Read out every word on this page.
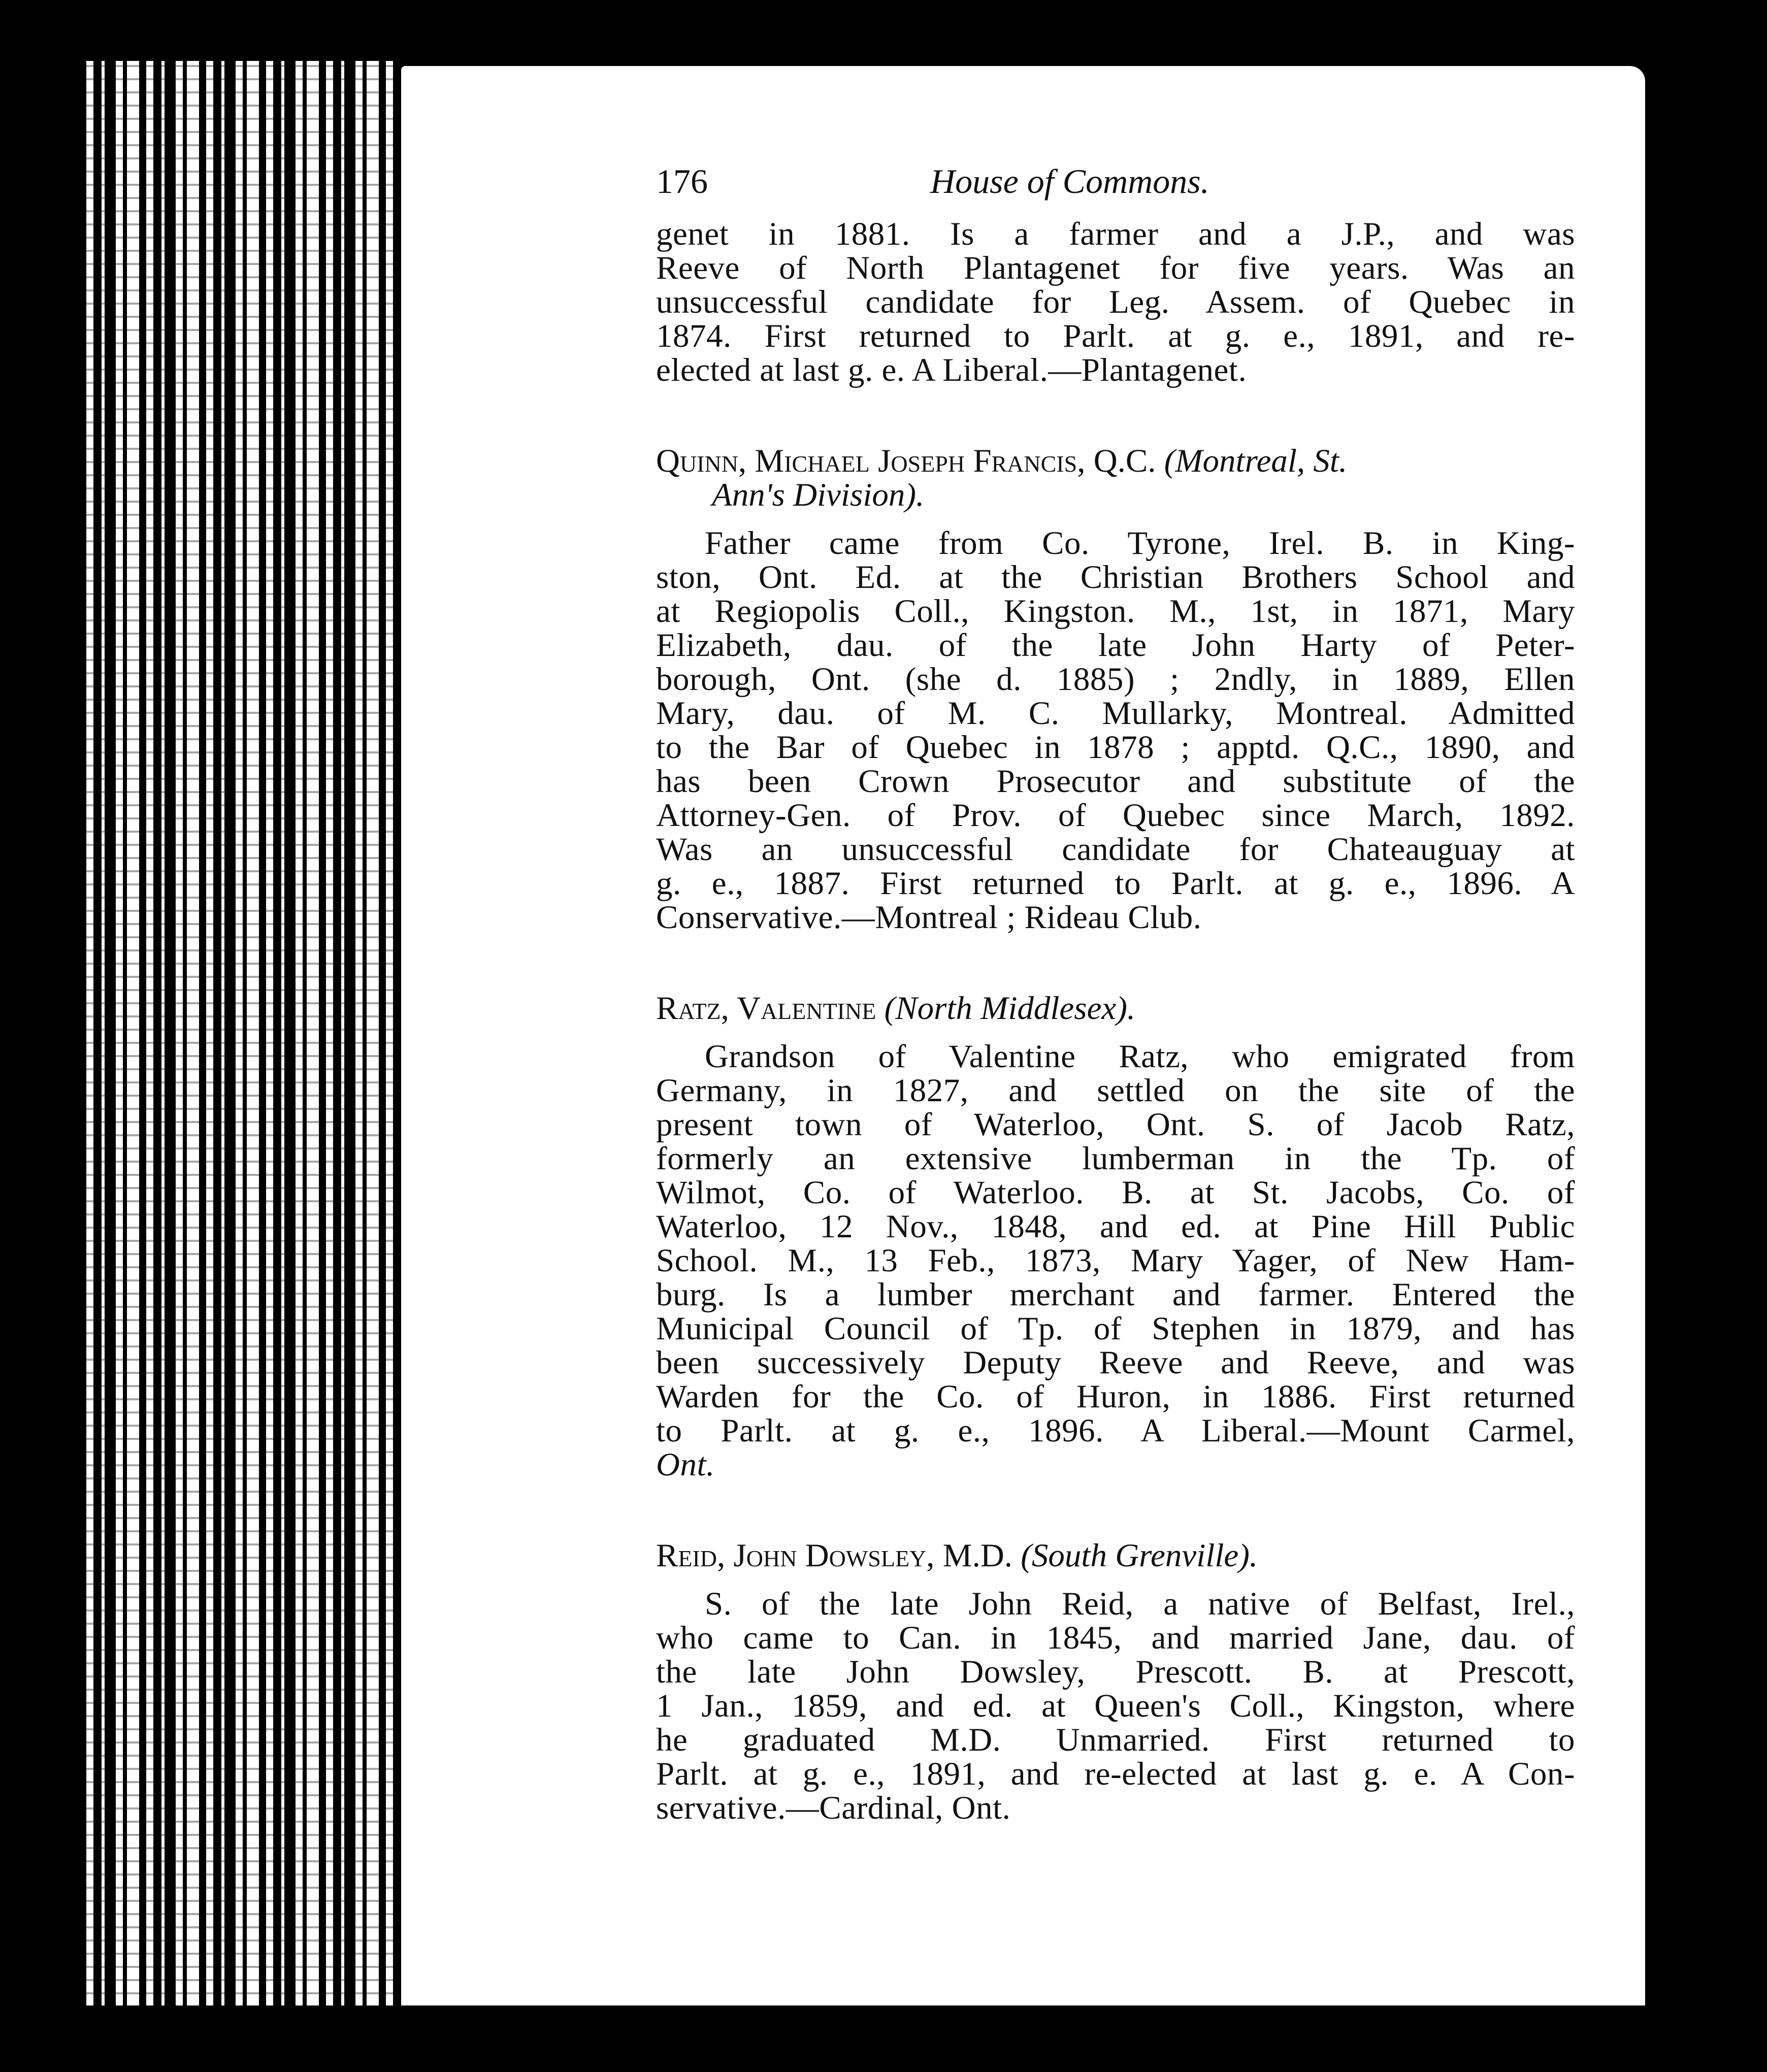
176	House of Commons.
genet in 1881. Is a farmer and a J.P., and was
Reeve of North Plantagenet for five years. Was an
unsuccessful candidate for Leg. Assem. of Quebec in
1874. First returned to Parlt. at g. e., 1891, and re-
elected at last g. e. A Liberal.—Plantagenet.
Quinn, Michael Joseph Francis, Q.C. (Montreal, St.
Ann's Division).
Father came from Co. Tyrone, Irel. B. in King-
ston, Ont. Ed. at the Christian Brothers School and
at Regiopolis Coll., Kingston. M., 1st, in 1871, Mary
Elizabeth, dau. of the late John Harty of Peter-
borough, Ont. (she d. 1885) ; 2ndly, in 1889, Ellen
Mary, dau. of M. C. Mullarky, Montreal. Admitted
to the Bar of Quebec in 1878 ; apptd. Q.C., 1890, and
has been Crown Prosecutor and substitute of the
Attorney-Gen. of Prov. of Quebec since March, 1892.
Was an unsuccessful candidate for Chateauguay at
g. e., 1887. First returned to Parlt. at g. e., 1896. A
Conservative.—Montreal ; Rideau Club.
Ratz, Valentine (North Middlesex).
Grandson of Valentine Ratz, who emigrated from
Germany, in 1827, and settled on the site of the
present town of Waterloo, Ont. S. of Jacob Ratz,
formerly an extensive lumberman in the Tp. of
Wilmot, Co. of Waterloo. B. at St. Jacobs, Co. of
Waterloo, 12 Nov., 1848, and ed. at Pine Hill Public
School. M., 13 Feb., 1873, Mary Yager, of New Ham-
burg. Is a lumber merchant and farmer. Entered the
Municipal Council of Tp. of Stephen in 1879, and has
been successively Deputy Reeve and Reeve, and was
Warden for the Co. of Huron, in 1886. First returned
to Parlt. at g. e., 1896. A Liberal.—Mount Carmel,
Ont.
Reid, John Dowsley, M.D. (South Grenville).
S. of the late John Reid, a native of Belfast, Irel.,
who came to Can. in 1845, and married Jane, dau. of
the late John Dowsley, Prescott. B. at Prescott,
1 Jan., 1859, and ed. at Queen's Coll., Kingston, where
he graduated M.D. Unmarried. First returned to
Parlt. at g. e., 1891, and re-elected at last g. e. A Con-
servative.—Cardinal, Ont.
